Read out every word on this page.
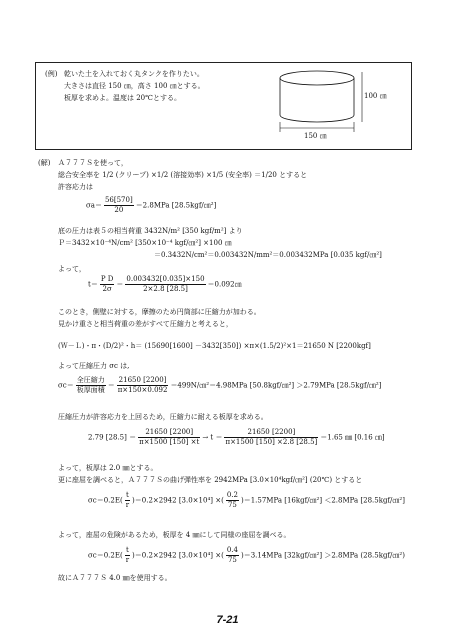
(例) 乾いた土を入れておく丸タンクを作りたい。
大きさは直径 150 ㎝，高さ 100 ㎝とする。
板厚を求めよ。温度は 20℃とする。	100 ㎝
150 ㎝
(解) Ａ７７７Ｓを使って，
総合安全率を 1/2 (クリープ) ×1/2 (溶接効率) ×1/5 (安全率) ＝1/20 とすると
許容応力は
$\sigma a= \frac{56[570]}{20} =2.8MPa$ [28.5kgf/㎝²]
底の圧力は表５の相当荷重 3432N/m² [350 kgf/m²] より
Ｐ＝3432×10⁻⁴N/cm² [350×10⁻⁴ kgf/㎝²] ×100 ㎝
＝0.3432N/cm²＝0.003432N/mm²＝0.003432MPa [0.035 kgf/㎝²]
よって，
$t= \frac{\text{P D}}{2\sigma} = \frac{0.003432[0.035]\times 150}{2\times 2.8 [28.5]}$ ＝0.092㎝
このとき，側壁に対する，摩擦のため円筒部に圧縮力が加わる。
見かけ重さと相当荷重の差がすべて圧縮力と考えると，
(Ｗ－Ｌ)・π・(D/2)²・h＝ (15690[1600] －3432[350]) ×π×(1.5/2)²×1＝21650 N [2200kgf]
よって圧縮圧力 σc は,
$\sigma c= \frac{\text{全圧縮力}}{\text{板厚面積}} = \frac{21650 [2200]}{\pi\times 150\times 0.092}$ ＝499N/㎝²＝4.98MPa [50.8kgf/㎝²] ＞2.79MPa [28.5kgf/㎝²]
圧縮圧力が許容応力を上回るため，圧縮力に耐える板厚を求める。
2.79 $[28.5] = \frac{21650 [2200]}{\pi\times 1500 [150] \times t} \to t = \frac{21650 [2200]}{\pi\times 1500 [150] \times 2.8 [28.5]} =1.65$ ㎜ [0.16 ㎝]
よって，板厚は 2.0 ㎜とする。
更に座屈を調べると，Ａ７７７Ｓの曲げ弾性率を 2942MPa [3.0×10⁴kgf/㎝²] (20℃) とすると
$\sigma c=0.2E( \frac{t}{r} )=0.2\times 2942$ [3.0×10⁴] ×( $\frac{0.2}{75} )=1.57MPa$ [16kgf/㎝²] ＜2.8MPa [28.5kgf/㎝²]
よって，座屈の危険があるため，板厚を 4 ㎜にして同様の座屈を調べる。
$\sigma c=0.2E( \frac{t}{r} )=0.2\times 2942$ [3.0×10⁴] ×( $\frac{0.4}{75} )=3.14MPa$ [32kgf/㎝²] ＞2.8MPa (28.5kgf/㎝²)
故にＡ７７７Ｓ 4.0 ㎜を使用する。
7-21
